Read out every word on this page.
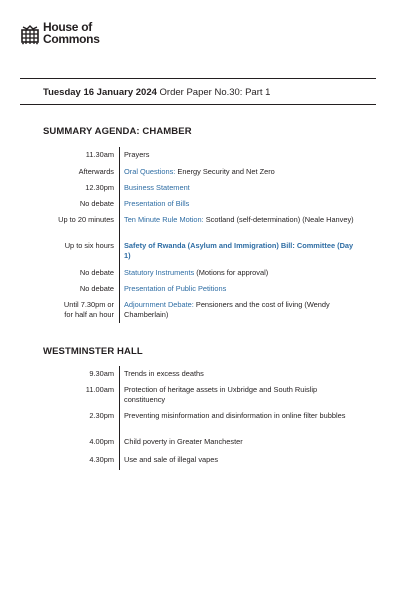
House of
Commons
Tuesday 16 January 2024 Order Paper No.30: Part 1
SUMMARY AGENDA: CHAMBER
11.30am Prayers
Afterwards Oral Questions: Energy Security and Net Zero
12.30pm Business Statement
No debate Presentation of Bills
Up to 20 minutes Ten Minute Rule Motion: Scotland (self-determination) (Neale Hanvey)
Up to six hours Safety of Rwanda (Asylum and Immigration) Bill: Committee (Day 1)
No debate Statutory Instruments (Motions for approval)
No debate Presentation of Public Petitions
Until 7.30pm or
for half an hour
Adjournment Debate: Pensioners and the cost of living (Wendy Chamberlain)
WESTMINSTER HALL
9.30am Trends in excess deaths
11.00am Protection of heritage assets in Uxbridge and South Ruislip constituency
2.30pm Preventing misinformation and disinformation in online filter bubbles
4.00pm Child poverty in Greater Manchester
4.30pm Use and sale of illegal vapes
